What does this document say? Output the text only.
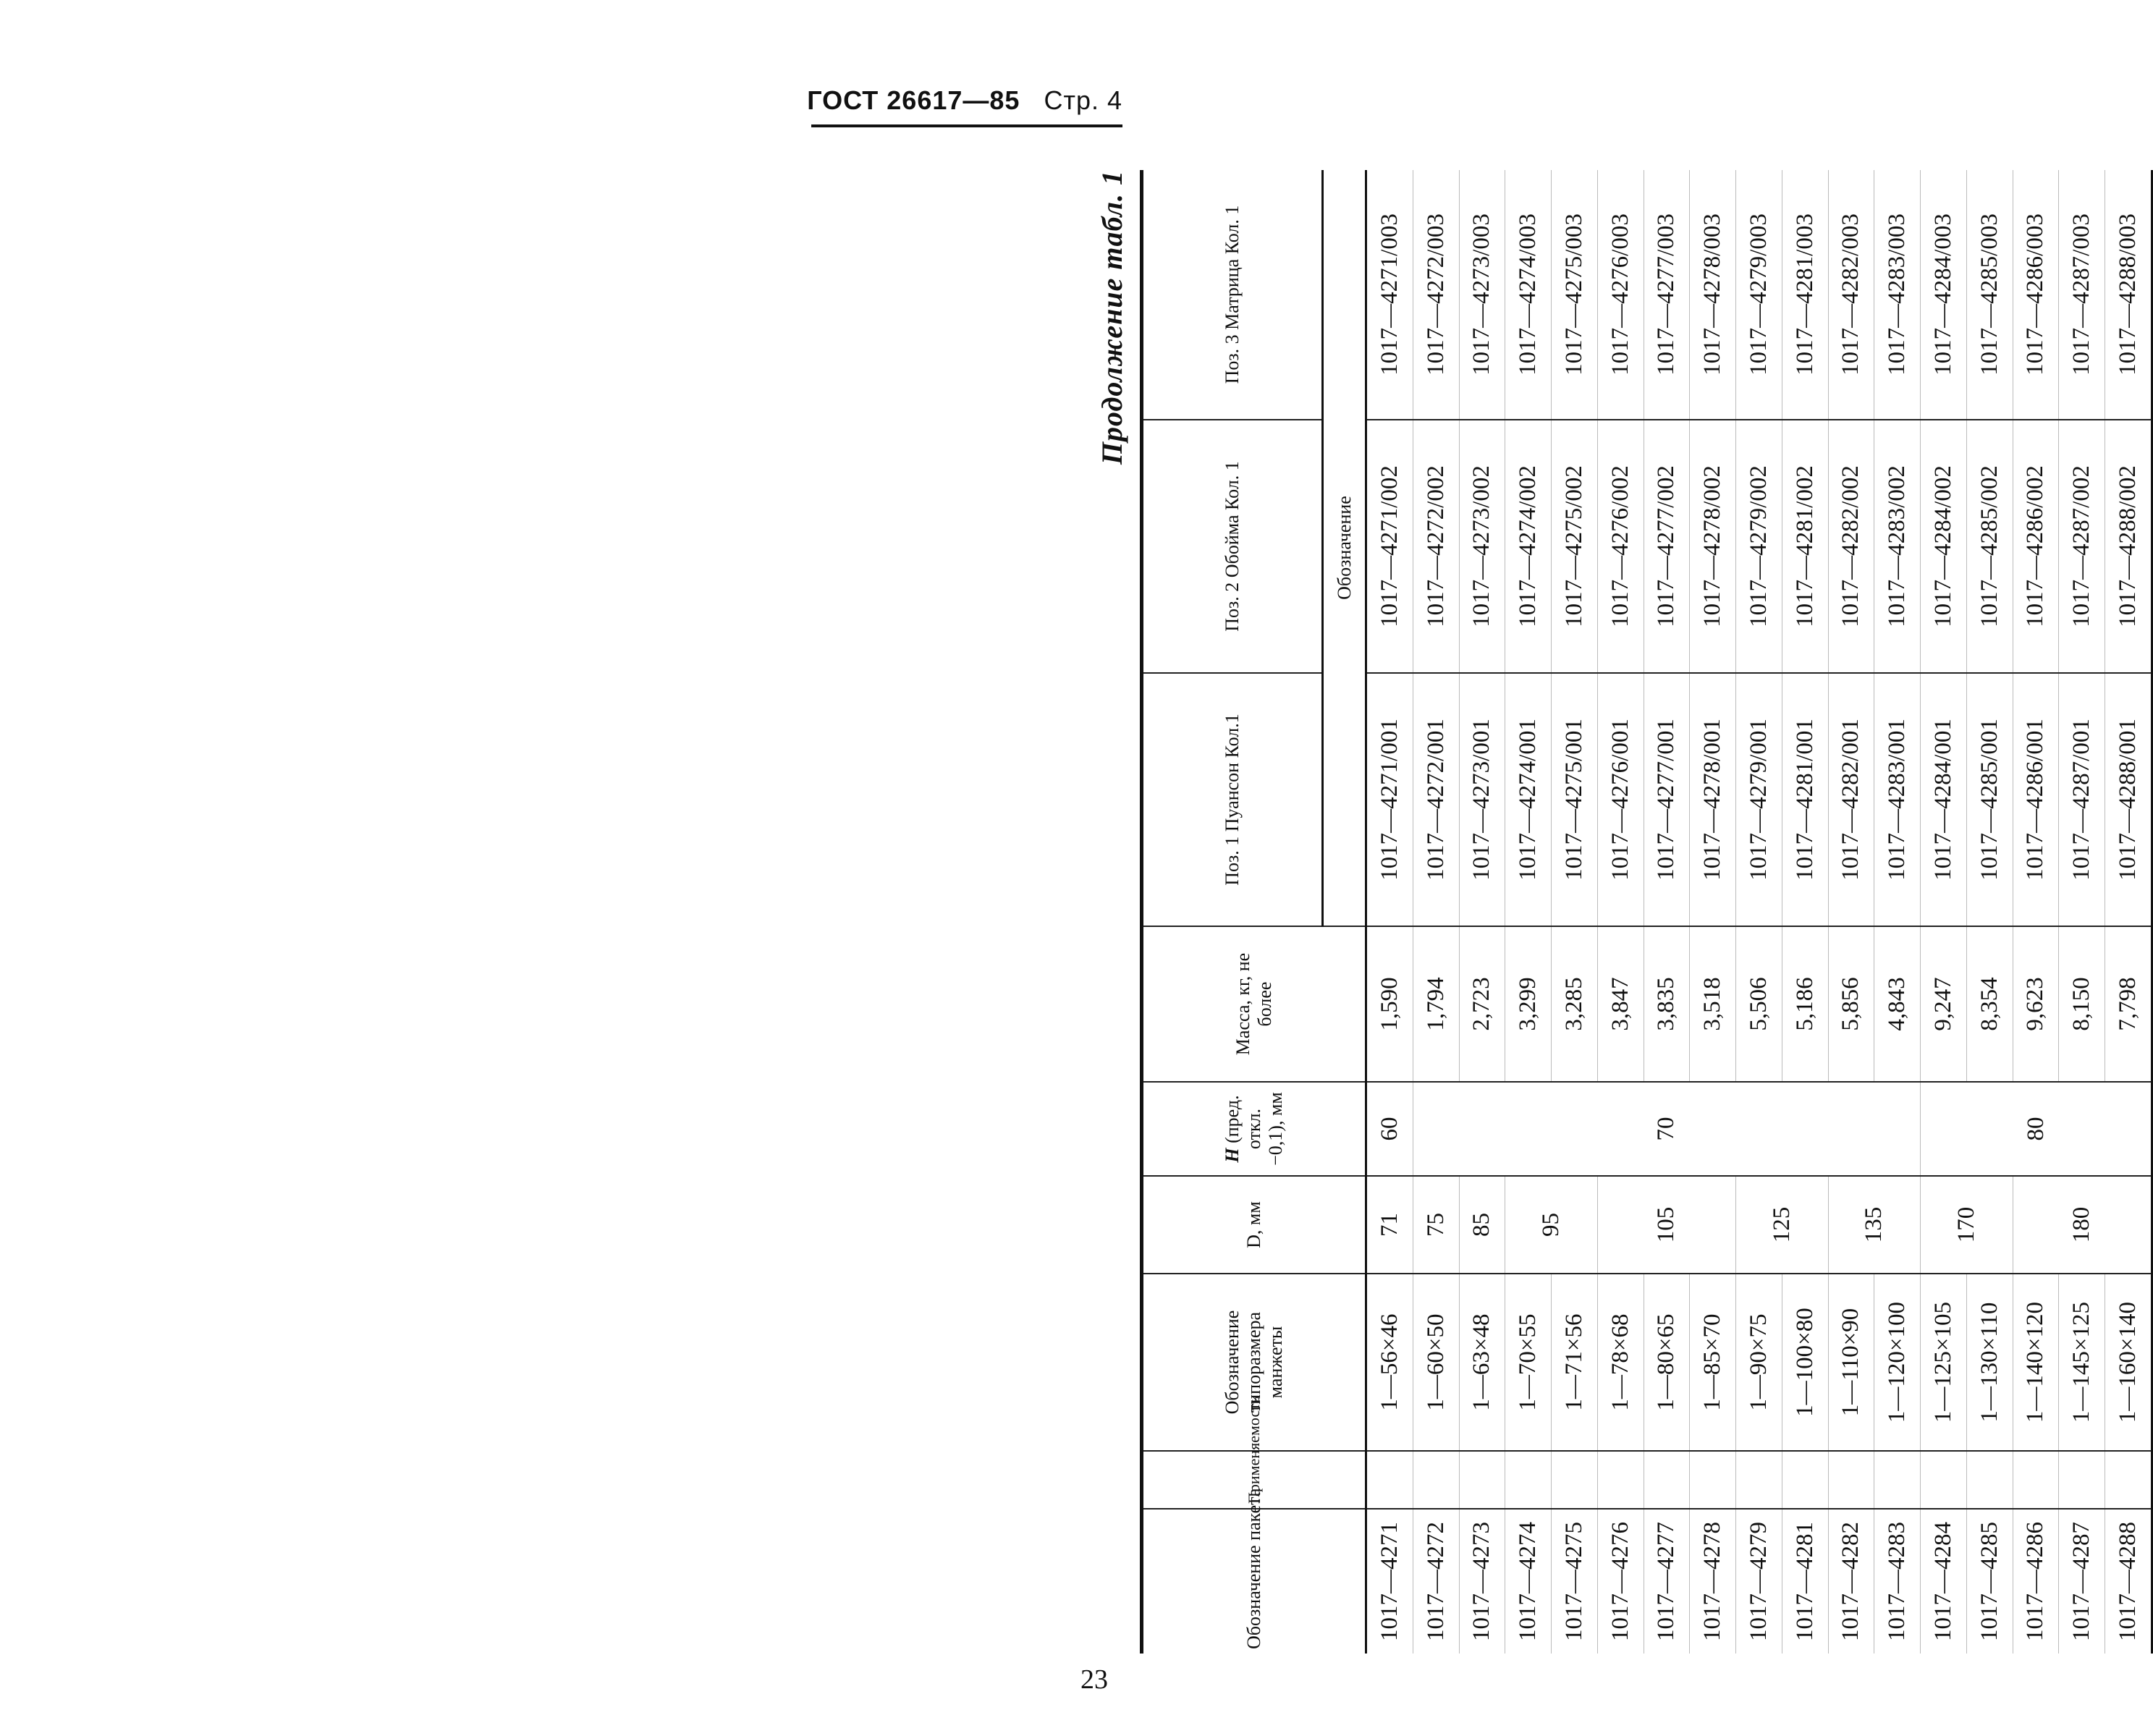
ГОСТ 26617—85 Стр. 4
Продолжение табл. 1
Обозначение пакета	Применяемость	Обозначение типоразмера манжеты	D, мм	H (пред. откл. −0,1), мм	Масса, кг, не более	Поз. 1 Пуансон Кол.1	Поз. 2 Обойма Кол. 1	Поз. 3 Матрица Кол. 1
						Обозначение		
1017—4271		1—56×46	71	60	1,590	1017—4271/001	1017—4271/002	1017—4271/003
1017—4272		1—60×50	75	70	1,794	1017—4272/001	1017—4272/002	1017—4272/003
1017—4273		1—63×48	85		2,723	1017—4273/001	1017—4273/002	1017—4273/003
1017—4274		1—70×55	95		3,299	1017—4274/001	1017—4274/002	1017—4274/003
1017—4275		1—71×56			3,285	1017—4275/001	1017—4275/002	1017—4275/003
1017—4276		1—78×68	105		3,847	1017—4276/001	1017—4276/002	1017—4276/003
1017—4277		1—80×65			3,835	1017—4277/001	1017—4277/002	1017—4277/003
1017—4278		1—85×70			3,518	1017—4278/001	1017—4278/002	1017—4278/003
1017—4279		1—90×75	125		5,506	1017—4279/001	1017—4279/002	1017—4279/003
1017—4281		1—100×80			5,186	1017—4281/001	1017—4281/002	1017—4281/003
1017—4282		1—110×90	135		5,856	1017—4282/001	1017—4282/002	1017—4282/003
1017—4283		1—120×100			4,843	1017—4283/001	1017—4283/002	1017—4283/003
1017—4284		1—125×105	170	80	9,247	1017—4284/001	1017—4284/002	1017—4284/003
1017—4285		1—130×110			8,354	1017—4285/001	1017—4285/002	1017—4285/003
1017—4286		1—140×120	180		9,623	1017—4286/001	1017—4286/002	1017—4286/003
1017—4287		1—145×125			8,150	1017—4287/001	1017—4287/002	1017—4287/003
1017—4288		1—160×140			7,798	1017—4288/001	1017—4288/002	1017—4288/003
23
